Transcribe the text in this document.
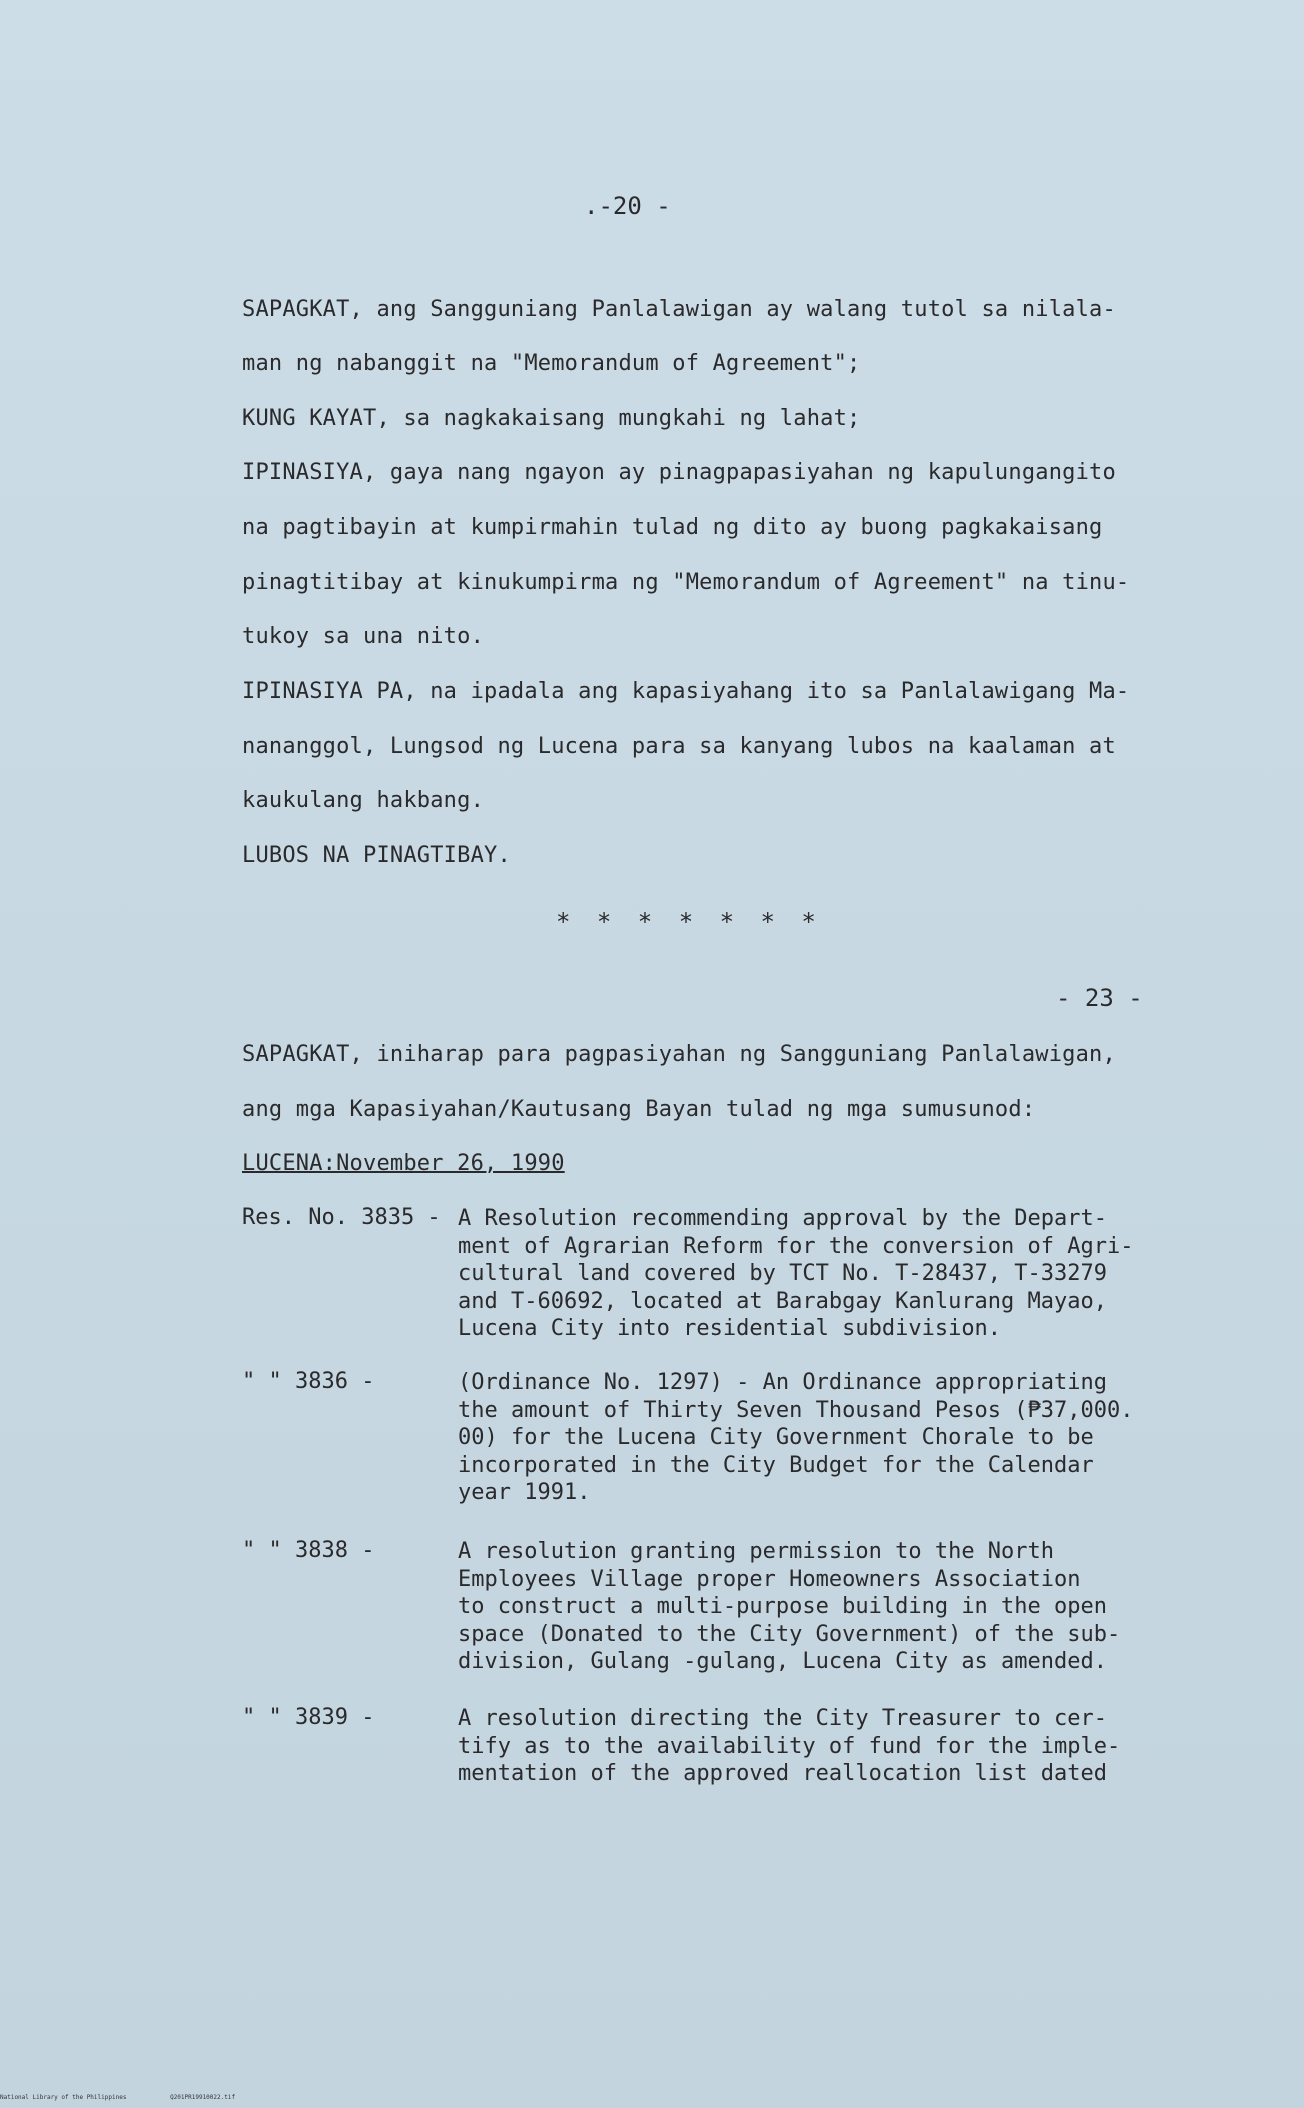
.-20 -
SAPAGKAT, ang Sangguniang Panlalawigan ay walang tutol sa nilala-
man ng nabanggit na "Memorandum of Agreement";
KUNG KAYAT, sa nagkakaisang mungkahi ng lahat;
IPINASIYA, gaya nang ngayon ay pinagpapasiyahan ng kapulungangito
na pagtibayin at kumpirmahin tulad ng dito ay buong pagkakaisang
pinagtitibay at kinukumpirma ng "Memorandum of Agreement" na tinu-
tukoy sa una nito.
IPINASIYA PA, na ipadala ang kapasiyahang ito sa Panlalawigang Ma-
nananggol, Lungsod ng Lucena para sa kanyang lubos na kaalaman at
kaukulang hakbang.
LUBOS NA PINAGTIBAY.
* * * * * * *
- 23 -
SAPAGKAT, iniharap para pagpasiyahan ng Sangguniang Panlalawigan,
ang mga Kapasiyahan/Kautusang Bayan tulad ng mga sumusunod:
LUCENA:November 26, 1990
Res. No. 3835 - A Resolution recommending approval by the Depart-
ment of Agrarian Reform for the conversion of Agri-
cultural land covered by TCT No. T-28437, T-33279
and T-60692, located at Barabgay Kanlurang Mayao,
Lucena City into residential subdivision.
" " 3836 -	(Ordinance No. 1297) - An Ordinance appropriating
the amount of Thirty Seven Thousand Pesos (₱37,000.
00) for the Lucena City Government Chorale to be
incorporated in the City Budget for the Calendar
year 1991.
" " 3838 -	A resolution granting permission to the North
Employees Village proper Homeowners Association
to construct a multi-purpose building in the open
space (Donated to the City Government) of the sub-
division, Gulang -gulang, Lucena City as amended.
" " 3839 -	A resolution directing the City Treasurer to cer-
tify as to the availability of fund for the imple-
mentation of the approved reallocation list dated
National Library of the Philippines	Q201PR19910022.tif
